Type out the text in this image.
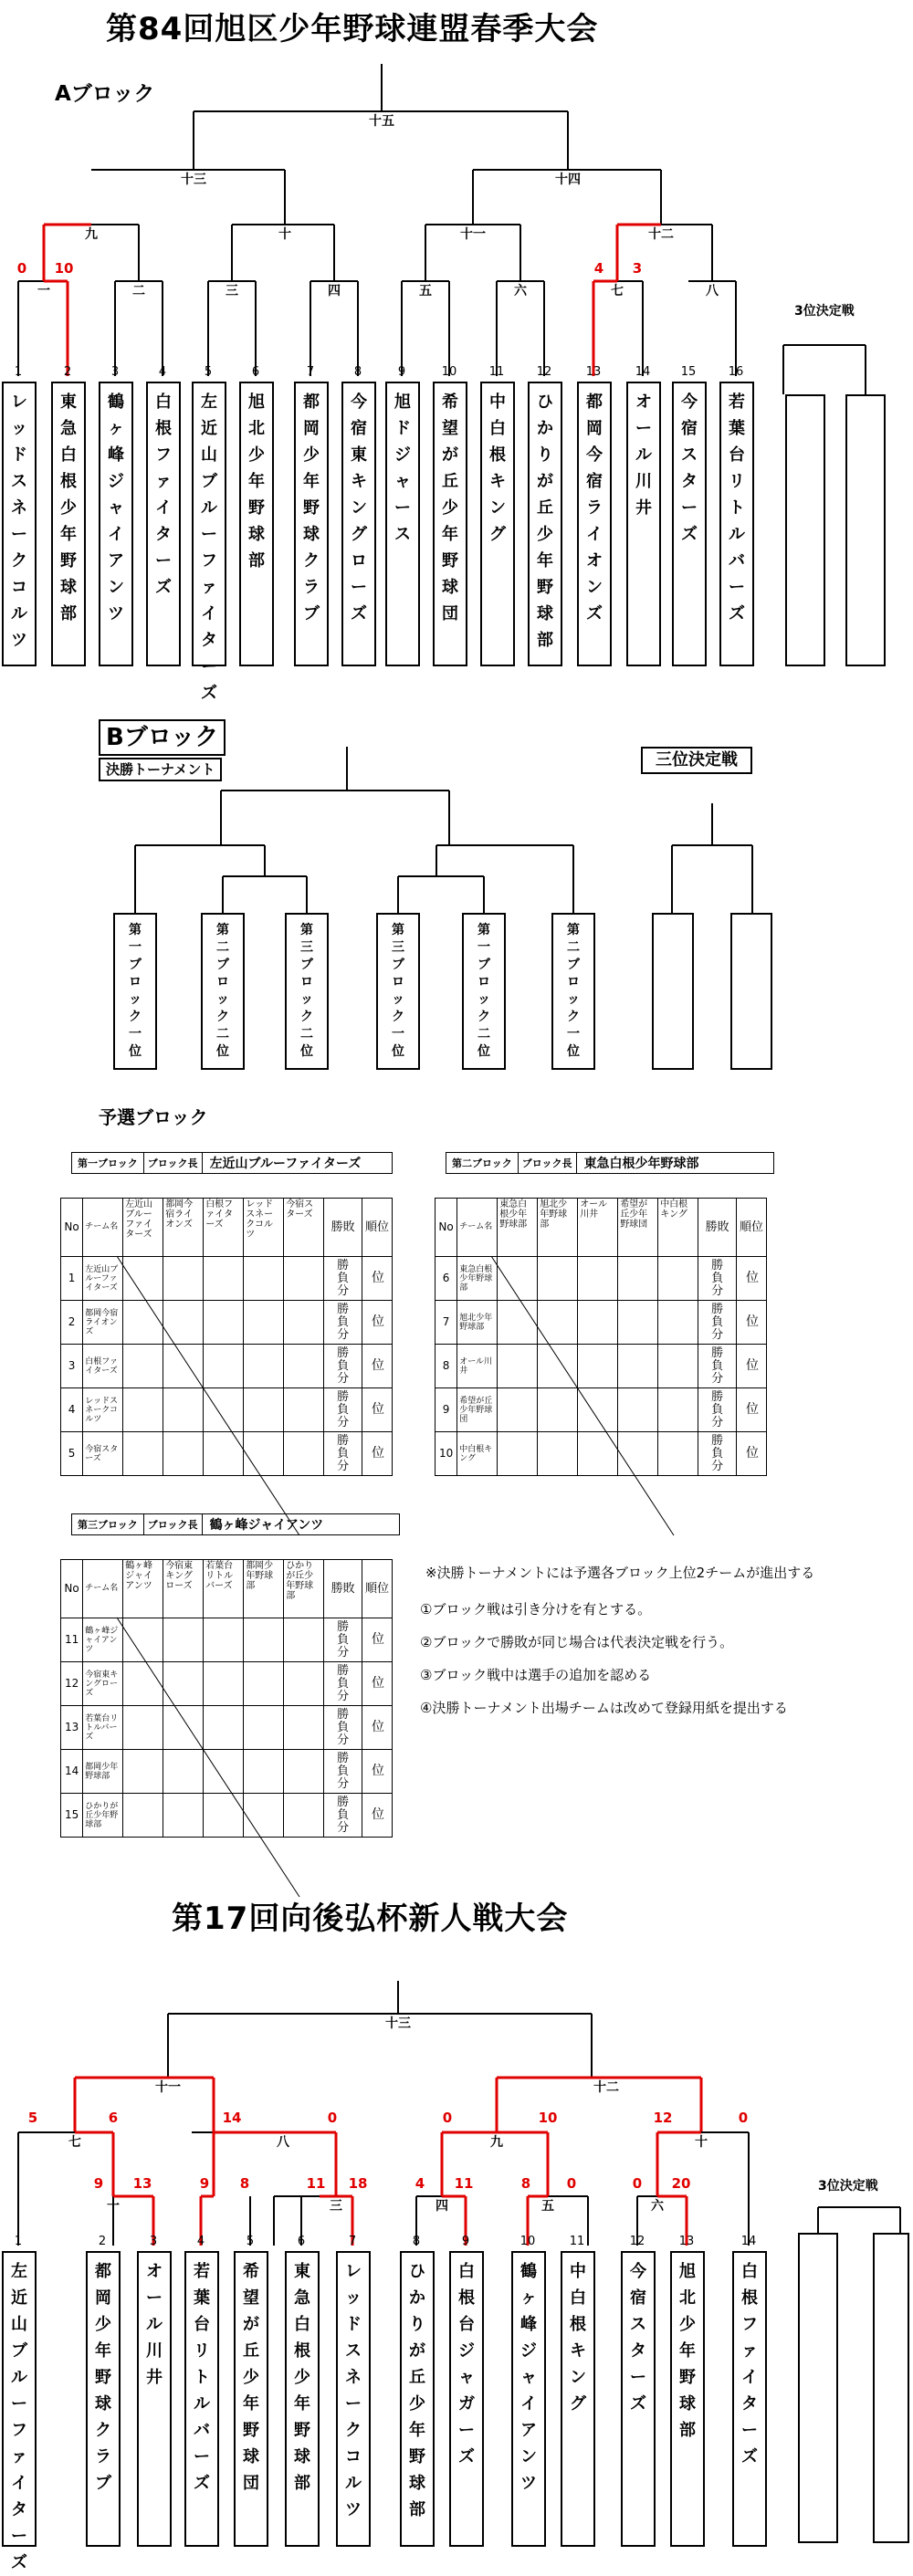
第84回旭区少年野球連盟春季大会
Aブロック
十五
十三	十四
九	十	十一	十二
一	二	三	四	五	六	七	八
0 10	4 3
3位決定戦
1
レ
ッ
ド
ス
ネ
ー
ク
コ
ル
ツ
2
東
急
白
根
少
年
野
球
部
3
鶴
ヶ
峰
ジ
ャ
イ
ア
ン
ツ
4
白
根
フ
ァ
イ
タ
ー
ズ
5
左
近
山
ブ
ル
ー
フ
ァ
イ
タ
ー
ズ
6
旭
北
少
年
野
球
部
7
都
岡
少
年
野
球
ク
ラ
ブ
8
今
宿
東
キ
ン
グ
ロ
ー
ズ
9
旭
ド
ジ
ャ
ー
ス
10
希
望
が
丘
少
年
野
球
団
11
中
白
根
キ
ン
グ
12
ひ
か
り
が
丘
少
年
野
球
部
13
都
岡
今
宿
ラ
イ
オ
ン
ズ
14
オ
ー
ル
川
井
15
今
宿
ス
タ
ー
ズ
16
若
葉
台
リ
ト
ル
バ
ー
ズ
Bブロック
決勝トーナメント	三位決定戦
第
一
ブ
ロ
ッ
ク
一
位
第
二
ブ
ロ
ッ
ク
二
位
第
三
ブ
ロ
ッ
ク
二
位
第
三
ブ
ロ
ッ
ク
一
位
第
一
ブ
ロ
ッ
ク
二
位
第
二
ブ
ロ
ッ
ク
一
位
予選ブロック
第一ブロック	ブロック長 左近山ブルーファイターズ
No	チーム名	左近山ブルーファイターズ	都岡今宿ライオンズ	白根ファイターズ	レッドスネークコルツ	今宿スターズ	勝敗	順位
1	左近山ブルーファイターズ						勝
負
分	位
2	都岡今宿ライオンズ						勝
負
分	位
3	白根ファイターズ						勝
負
分	位
4	レッドスネークコルツ						勝
負
分	位
5	今宿スターズ						勝
負
分	位
第二ブロック	ブロック長 東急白根少年野球部
No	チーム名	東急白根少年野球部	旭北少年野球部	オール川井	希望が丘少年野球団	中白根キング	勝敗	順位
6	東急白根少年野球部						勝
負
分	位
7	旭北少年野球部						勝
負
分	位
8	オール川井						勝
負
分	位
9	希望が丘少年野球団						勝
負
分	位
10	中白根キング						勝
負
分	位
第三ブロック	ブロック長 鶴ヶ峰ジャイアンツ
No	チーム名	鶴ヶ峰ジャイアンツ	今宿東キングローズ	若葉台リトルバーズ	都岡少年野球部	ひかりが丘少年野球部	勝敗	順位
11	鶴ヶ峰ジャイアンツ						勝
負
分	位
12	今宿東キングローズ						勝
負
分	位
13	若葉台リトルバーズ						勝
負
分	位
14	都岡少年野球部						勝
負
分	位
15	ひかりが丘少年野球部						勝
負
分	位
※決勝トーナメントには予選各ブロック上位2チームが進出する
①ブロック戦は引き分けを有とする。
②ブロックで勝敗が同じ場合は代表決定戦を行う。
③ブロック戦中は選手の追加を認める
④決勝トーナメント出場チームは改めて登録用紙を提出する
第17回向後弘杯新人戦大会
十三
十一	十二
七	八	九	十
一	三	四	五	六
5	6	14	0	0	10	12	0
9 13	9 8	11 18	4 11	8	0	0 20	3位決定戦
1
左
近
山
ブ
ル
ー
フ
ァ
イ
タ
ー
ズ
2
都
岡
少
年
野
球
ク
ラ
ブ
3
オ
ー
ル
川
井
4
若
葉
台
リ
ト
ル
バ
ー
ズ
5
希
望
が
丘
少
年
野
球
団
6
東
急
白
根
少
年
野
球
部
7
レ
ッ
ド
ス
ネ
ー
ク
コ
ル
ツ
8
ひ
か
り
が
丘
少
年
野
球
部
9
白
根
台
ジ
ャ
ガ
ー
ズ
10
鶴
ヶ
峰
ジ
ャ
イ
ア
ン
ツ
11
中
白
根
キ
ン
グ
12
今
宿
ス
タ
ー
ズ
13
旭
北
少
年
野
球
部
14
白
根
フ
ァ
イ
タ
ー
ズ
